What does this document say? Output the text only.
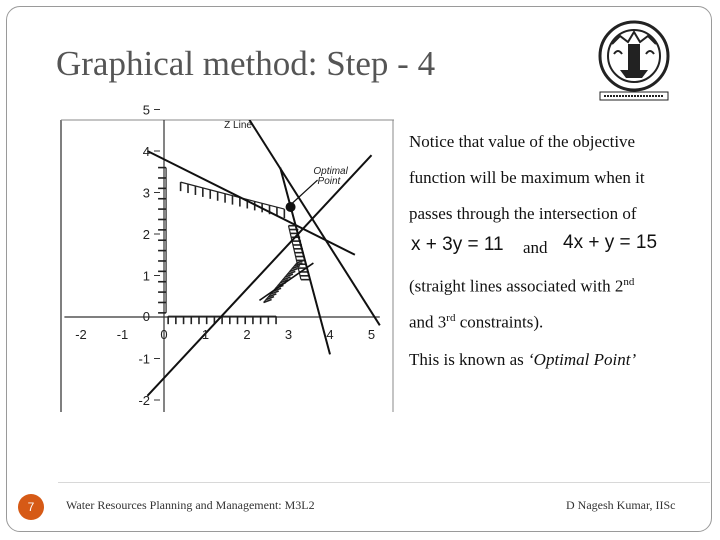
Graphical method: Step - 4
-2 -1 0	1	2	3	4	5
5
4
3
2
1
0
-1
-2
Z Line
Optimal
Point
Notice that value of the objective
function will be maximum when it
passes through the intersection of
x + 3y = 11 and 4x + y = 15
(straight lines associated with 2nd
and 3rd constraints).
This is known as ‘Optimal Point’
7	Water Resources Planning and Management: M3L2	D Nagesh Kumar, IISc
